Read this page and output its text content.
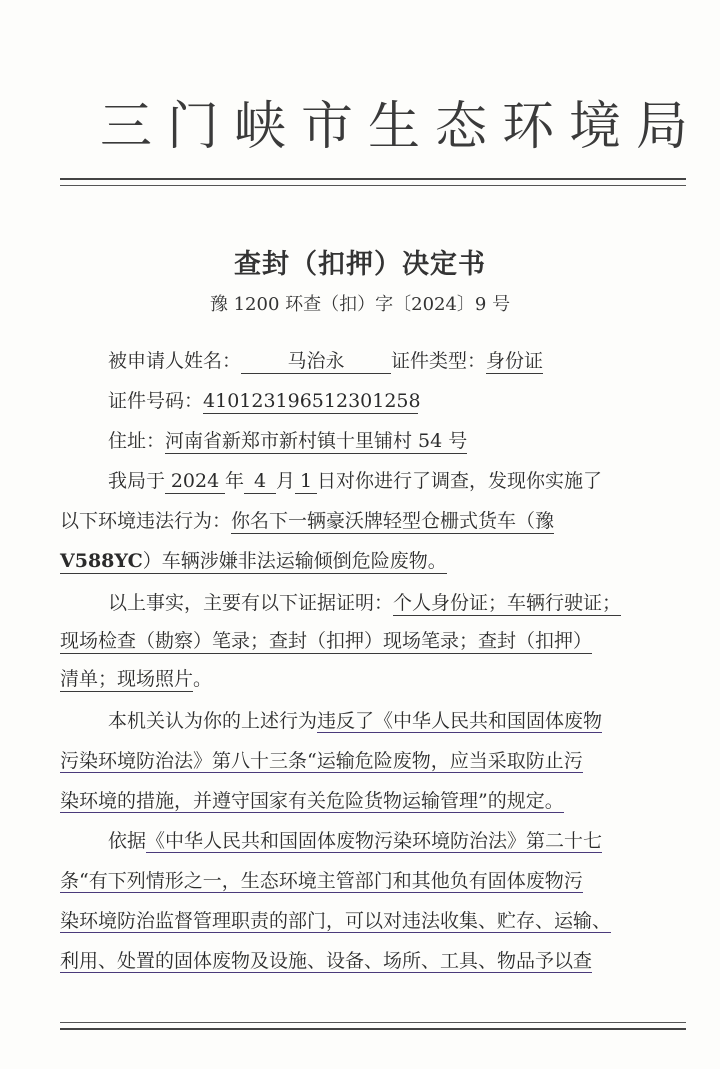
三门峡市生态环境局
查封（扣押）决定书
豫 1200 环查（扣）字〔2024〕9 号
被申请人姓名： 马治永 证件类型：身份证
证件号码：410123196512301258
住址：河南省新郑市新村镇十里铺村 54 号
我局于 2024 年 4 月 1 日对你进行了调查，发现你实施了
以下环境违法行为：你名下一辆豪沃牌轻型仓栅式货车（豫
V588YC）车辆涉嫌非法运输倾倒危险废物。
以上事实，主要有以下证据证明：个人身份证；车辆行驶证；
现场检查（勘察）笔录；查封（扣押）现场笔录；查封（扣押）
清单；现场照片。
本机关认为你的上述行为违反了《中华人民共和国固体废物
污染环境防治法》第八十三条“运输危险废物，应当采取防止污
染环境的措施，并遵守国家有关危险货物运输管理”的规定。
依据《中华人民共和国固体废物污染环境防治法》第二十七
条“有下列情形之一，生态环境主管部门和其他负有固体废物污
染环境防治监督管理职责的部门，可以对违法收集、贮存、运输、
利用、处置的固体废物及设施、设备、场所、工具、物品予以查
